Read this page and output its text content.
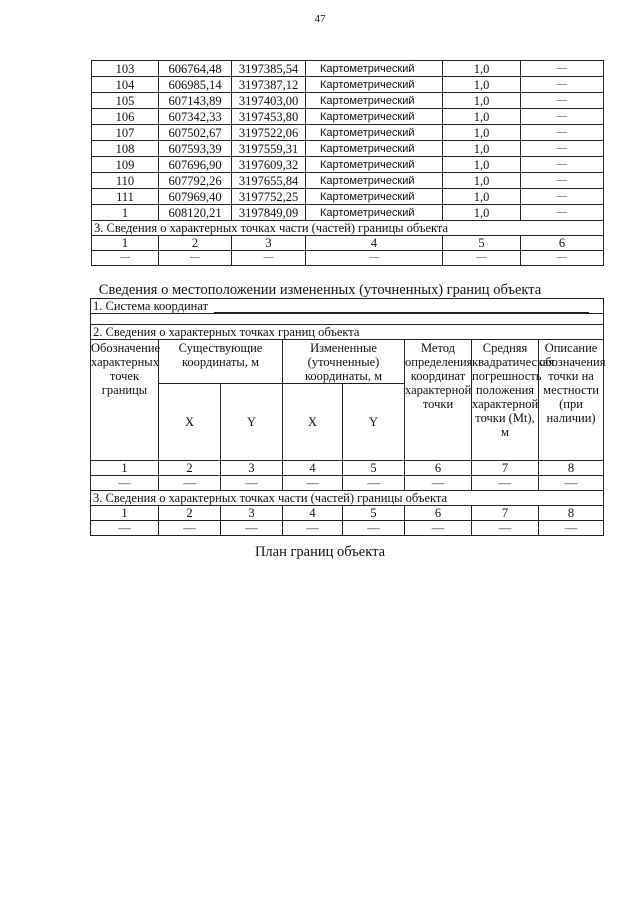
47
103	606764,48	3197385,54	Картометрический	1,0	—
104	606985,14	3197387,12	Картометрический	1,0	—
105	607143,89	3197403,00	Картометрический	1,0	—
106	607342,33	3197453,80	Картометрический	1,0	—
107	607502,67	3197522,06	Картометрический	1,0	—
108	607593,39	3197559,31	Картометрический	1,0	—
109	607696,90	3197609,32	Картометрический	1,0	—
110	607792,26	3197655,84	Картометрический	1,0	—
111	607969,40	3197752,25	Картометрический	1,0	—
1	608120,21	3197849,09	Картометрический	1,0	—
3. Сведения о характерных точках части (частей) границы объекта					
1	2	3	4	5	6
—	—	—	—	—	—
Сведения о местоположении измененных (уточненных) границ объекта
1. Система координат							

2. Сведения о характерных точках границ объекта							
Обозначение характерных точек границы	Существующие координаты, м		Измененные (уточненные) координаты, м		Метод определения координат характерной точки	Средняя квадратическая погрешность положения характерной точки (Mt), м	Описание обозначения точки на местности (при наличии)
	X	Y	X	Y			
1	2	3	4	5	6	7	8
—	—	—	—	—	—	—	—
3. Сведения о характерных точках части (частей) границы объекта							
1	2	3	4	5	6	7	8
—	—	—	—	—	—	—	—
План границ объекта
